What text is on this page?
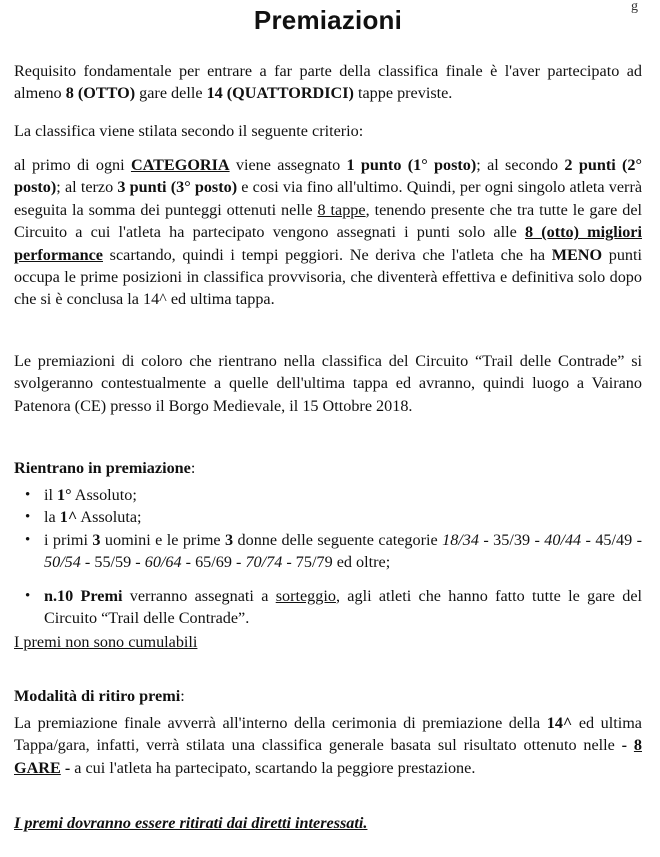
g
Premiazioni

Requisito fondamentale per entrare a far parte della classifica finale è l'aver partecipato ad almeno 8 (OTTO) gare delle 14 (QUATTORDICI) tappe previste.

La classifica viene stilata secondo il seguente criterio:

al primo di ogni CATEGORIA viene assegnato 1 punto (1° posto); al secondo 2 punti (2° posto); al terzo 3 punti (3° posto) e cosi via fino all'ultimo. Quindi, per ogni singolo atleta verrà eseguita la somma dei punteggi ottenuti nelle 8 tappe, tenendo presente che tra tutte le gare del Circuito a cui l'atleta ha partecipato vengono assegnati i punti solo alle 8 (otto) migliori performance scartando, quindi i tempi peggiori. Ne deriva che l'atleta che ha MENO punti occupa le prime posizioni in classifica provvisoria, che diventerà effettiva e definitiva solo dopo che si è conclusa la 14^ ed ultima tappa.

Le premiazioni di coloro che rientrano nella classifica del Circuito “Trail delle Contrade” si svolgeranno contestualmente a quelle dell'ultima tappa ed avranno, quindi luogo a Vairano Patenora (CE) presso il Borgo Medievale, il 15 Ottobre 2018.

Rientrano in premiazione:

• il 1° Assoluto;
• la 1^ Assoluta;
• i primi 3 uomini e le prime 3 donne delle seguente categorie 18/34 - 35/39 - 40/44 - 45/49 - 50/54 - 55/59 - 60/64 - 65/69 - 70/74 - 75/79 ed oltre;
• n.10 Premi verranno assegnati a sorteggio, agli atleti che hanno fatto tutte le gare del Circuito “Trail delle Contrade”.

I premi non sono cumulabili

Modalità di ritiro premi:

La premiazione finale avverrà all'interno della cerimonia di premiazione della 14^ ed ultima Tappa/gara, infatti, verrà stilata una classifica generale basata sul risultato ottenuto nelle - 8 GARE - a cui l'atleta ha partecipato, scartando la peggiore prestazione.

I premi dovranno essere ritirati dai diretti interessati.
